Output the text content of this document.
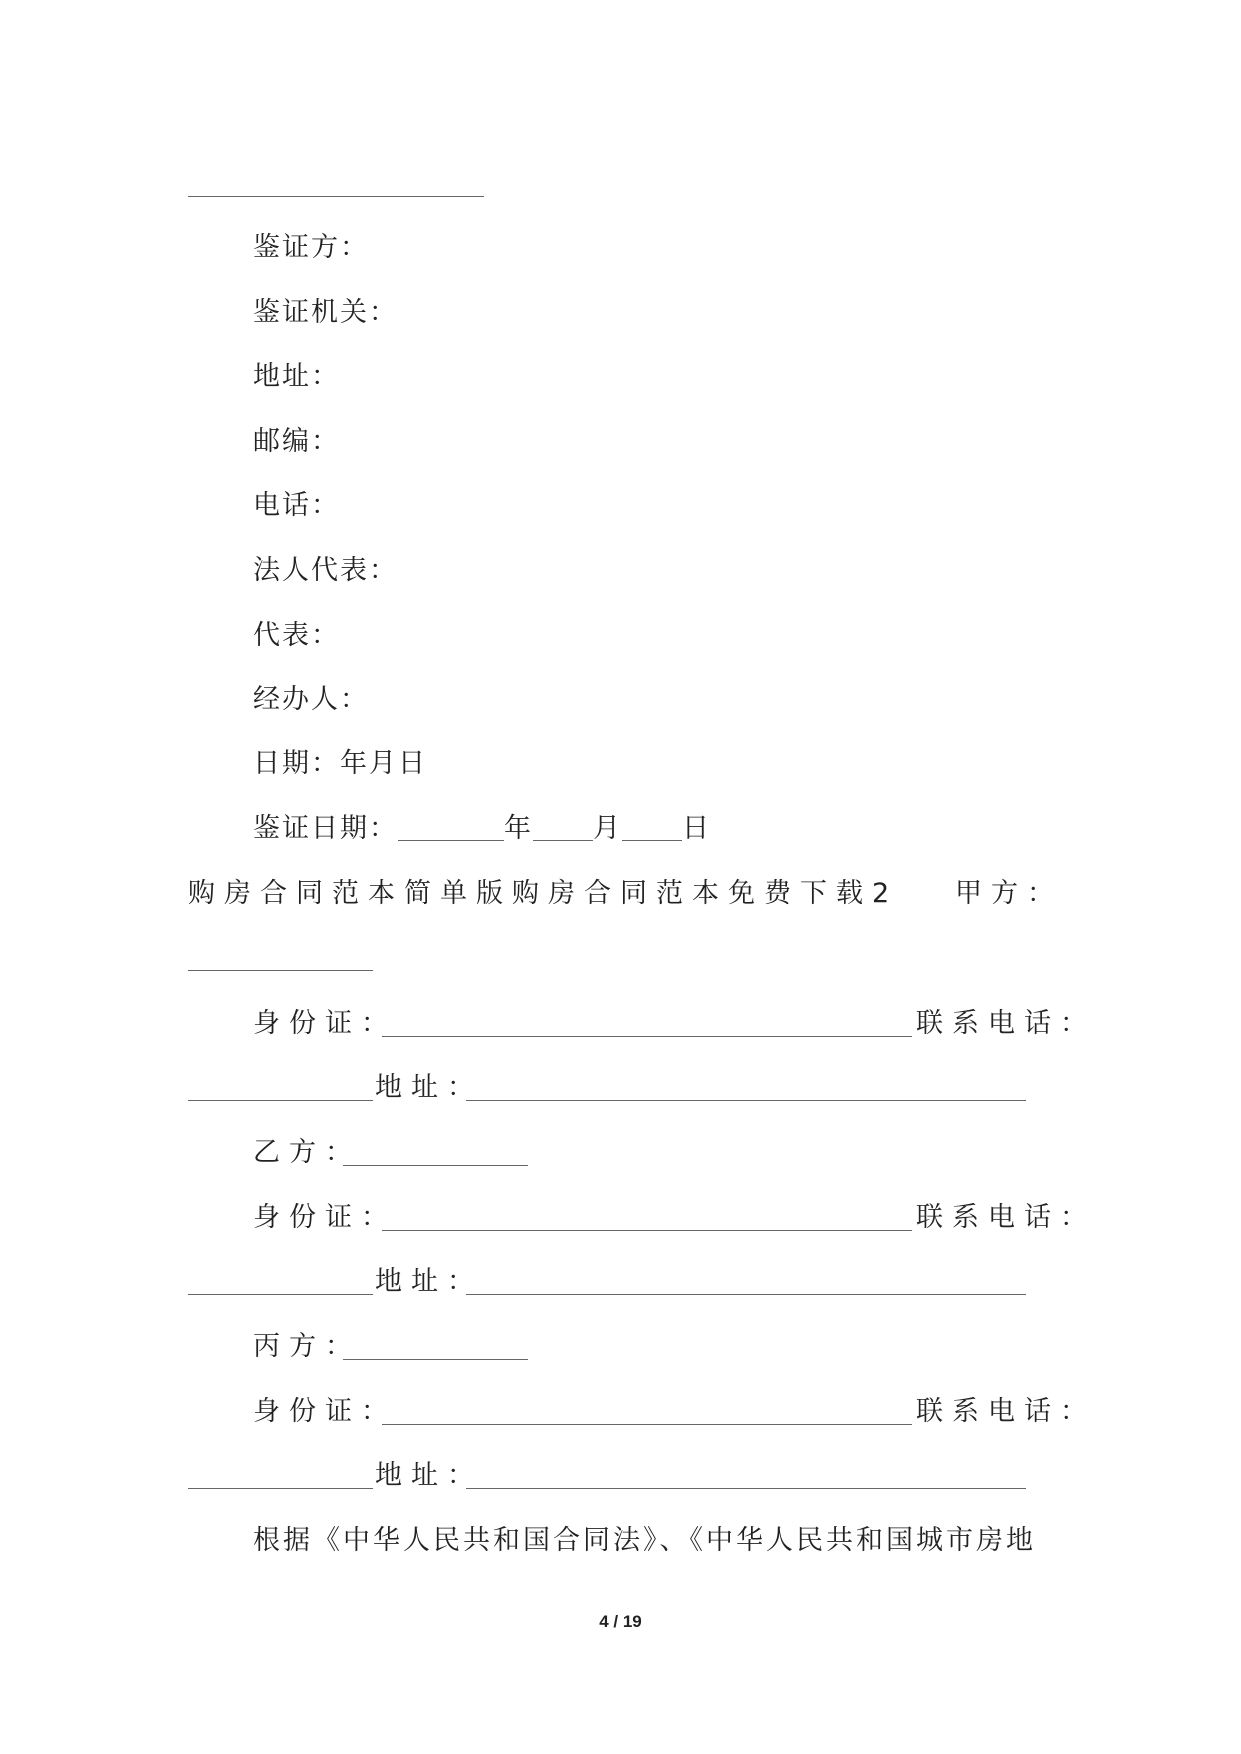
鉴证方：
鉴证机关：
地址：
邮编：
电话：
法人代表：
代表：
经办人：
日期：年月日
鉴证日期：	年 月 日
购房合同范本简单版购房合同范本免费下载2	甲方：
身份证：	联系电话：
地址：
乙方：
身份证：	联系电话：
地址：
丙方：
身份证：	联系电话：
地址：
根据《中华人民共和国合同法》、《中华人民共和国城市房地
4 / 19
